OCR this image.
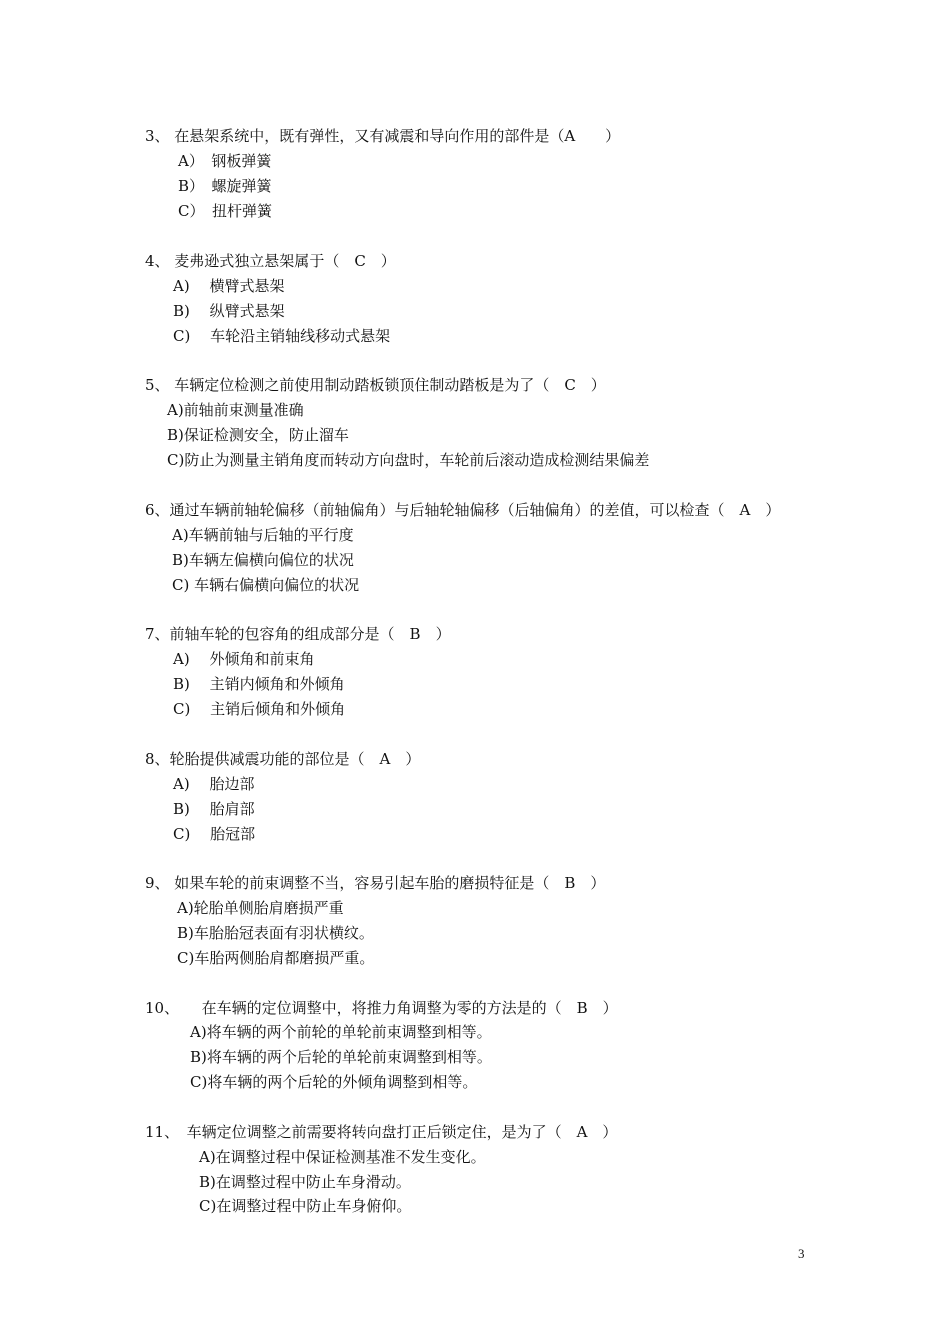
3、 在悬架系统中，既有弹性，又有减震和导向作用的部件是（A　　）
A）　钢板弹簧
B）　螺旋弹簧
C）　扭杆弹簧
4、 麦弗逊式独立悬架属于（　C　）
A)　 横臂式悬架
B)　 纵臂式悬架
C)　 车轮沿主销轴线移动式悬架
5、 车辆定位检测之前使用制动踏板锁顶住制动踏板是为了（　C　）
A)前轴前束测量准确
B)保证检测安全，防止溜车
C)防止为测量主销角度而转动方向盘时，车轮前后滚动造成检测结果偏差
6、通过车辆前轴轮偏移（前轴偏角）与后轴轮轴偏移（后轴偏角）的差值，可以检查（　A　）
A)车辆前轴与后轴的平行度
B)车辆左偏横向偏位的状况
C) 车辆右偏横向偏位的状况
7、前轴车轮的包容角的组成部分是（　B　）
A)　 外倾角和前束角
B)　 主销内倾角和外倾角
C)　 主销后倾角和外倾角
8、轮胎提供减震功能的部位是（　A　）
A)　 胎边部
B)　 胎肩部
C)　 胎冠部
9、 如果车轮的前束调整不当，容易引起车胎的磨损特征是（　B　）
A)轮胎单侧胎肩磨损严重
B)车胎胎冠表面有羽状横纹。
C)车胎两侧胎肩都磨损严重。
10、　　在车辆的定位调整中，将推力角调整为零的方法是的（　B　）
A)将车辆的两个前轮的单轮前束调整到相等。
B)将车辆的两个后轮的单轮前束调整到相等。
C)将车辆的两个后轮的外倾角调整到相等。
11、　车辆定位调整之前需要将转向盘打正后锁定住，是为了（　A　）
A)在调整过程中保证检测基准不发生变化。
B)在调整过程中防止车身滑动。
C)在调整过程中防止车身俯仰。
3
